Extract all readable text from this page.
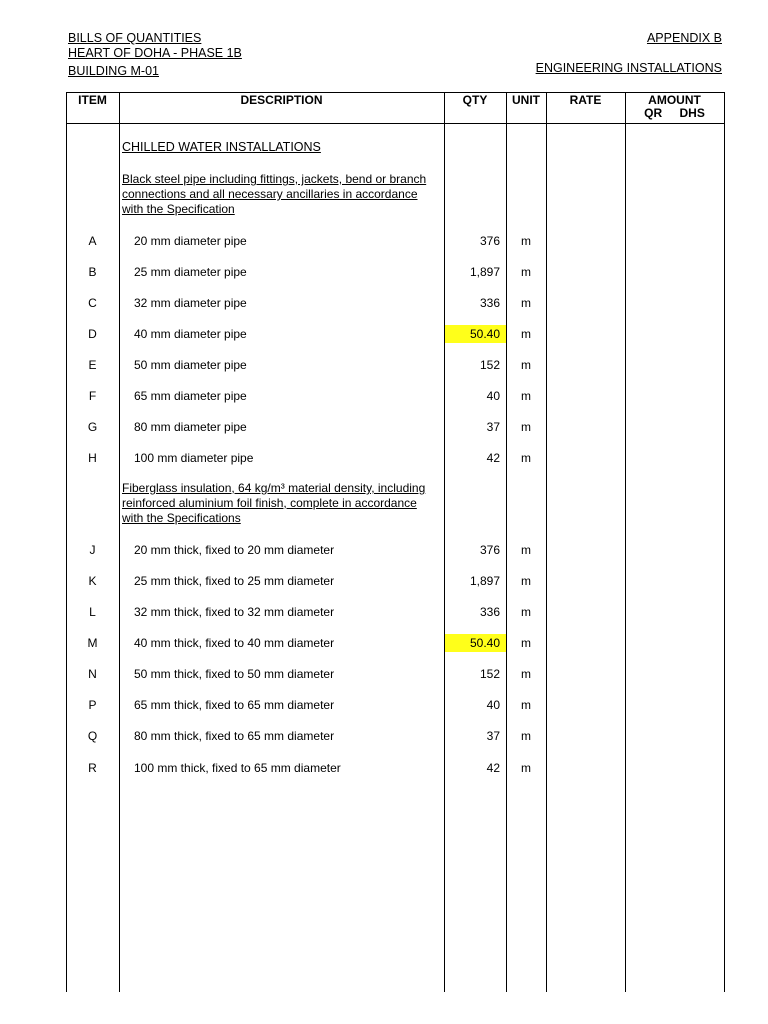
BILLS OF QUANTITIES
HEART OF DOHA - PHASE 1B
BUILDING M-01
APPENDIX B
ENGINEERING INSTALLATIONS
ITEM	DESCRIPTION	QTY	UNIT	RATE	AMOUNT
QR DHS
CHILLED WATER INSTALLATIONS
Black steel pipe including fittings, jackets, bend or branch connections and all necessary ancillaries in accordance with the Specification
Fiberglass insulation, 64 kg/m³ material density, including reinforced aluminium foil finish, complete in accordance with the Specifications
A	20 mm diameter pipe	376	m
B	25 mm diameter pipe	1,897	m
C	32 mm diameter pipe	336	m
D	40 mm diameter pipe	50.40	m
E	50 mm diameter pipe	152	m
F	65 mm diameter pipe	40	m
G	80 mm diameter pipe	37	m
H	100 mm diameter pipe	42	m
J	20 mm thick, fixed to 20 mm diameter	376	m
K	25 mm thick, fixed to 25 mm diameter	1,897	m
L	32 mm thick, fixed to 32 mm diameter	336	m
M	40 mm thick, fixed to 40 mm diameter	50.40	m
N	50 mm thick, fixed to 50 mm diameter	152	m
P	65 mm thick, fixed to 65 mm diameter	40	m
Q	80 mm thick, fixed to 65 mm diameter	37	m
R	100 mm thick, fixed to 65 mm diameter	42	m
